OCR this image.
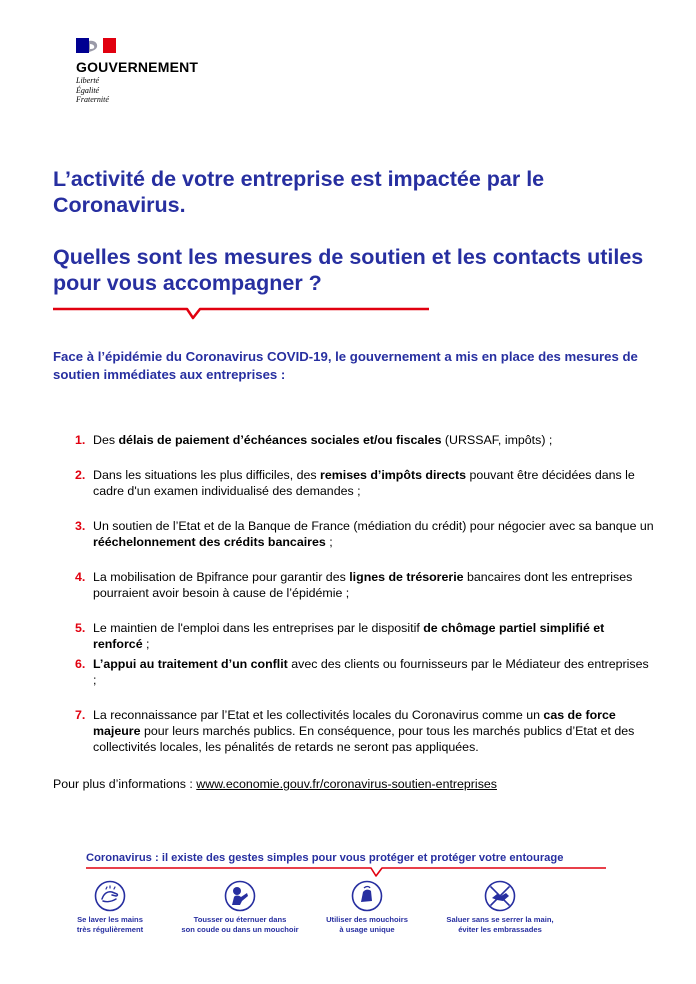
GOUVERNEMENT
Liberté
Égalité
Fraternité
L’activité de votre entreprise est impactée par le Coronavirus.
Quelles sont les mesures de soutien et les contacts utiles pour vous accompagner ?
Face à l’épidémie du Coronavirus COVID-19, le gouvernement a mis en place des mesures de soutien immédiates aux entreprises :
1. Des délais de paiement d’échéances sociales et/ou fiscales (URSSAF, impôts) ;
2. Dans les situations les plus difficiles, des remises d’impôts directs pouvant être décidées dans le cadre d'un examen individualisé des demandes ;
3. Un soutien de l’Etat et de la Banque de France (médiation du crédit) pour négocier avec sa banque un rééchelonnement des crédits bancaires ;
4. La mobilisation de Bpifrance pour garantir des lignes de trésorerie bancaires dont les entreprises pourraient avoir besoin à cause de l’épidémie ;
5. Le maintien de l'emploi dans les entreprises par le dispositif de chômage partiel simplifié et renforcé ;
6. L’appui au traitement d’un conflit avec des clients ou fournisseurs par le Médiateur des entreprises ;
7. La reconnaissance par l’Etat et les collectivités locales du Coronavirus comme un cas de force majeure pour leurs marchés publics. En conséquence, pour tous les marchés publics d’Etat et des collectivités locales, les pénalités de retards ne seront pas appliquées.
Pour plus d’informations : www.economie.gouv.fr/coronavirus-soutien-entreprises
Coronavirus : il existe des gestes simples pour vous protéger et protéger votre entourage
Se laver les mains
très régulièrement
Tousser ou éternuer dans
son coude ou dans un mouchoir
Utiliser des mouchoirs
à usage unique
Saluer sans se serrer la main,
éviter les embrassades
